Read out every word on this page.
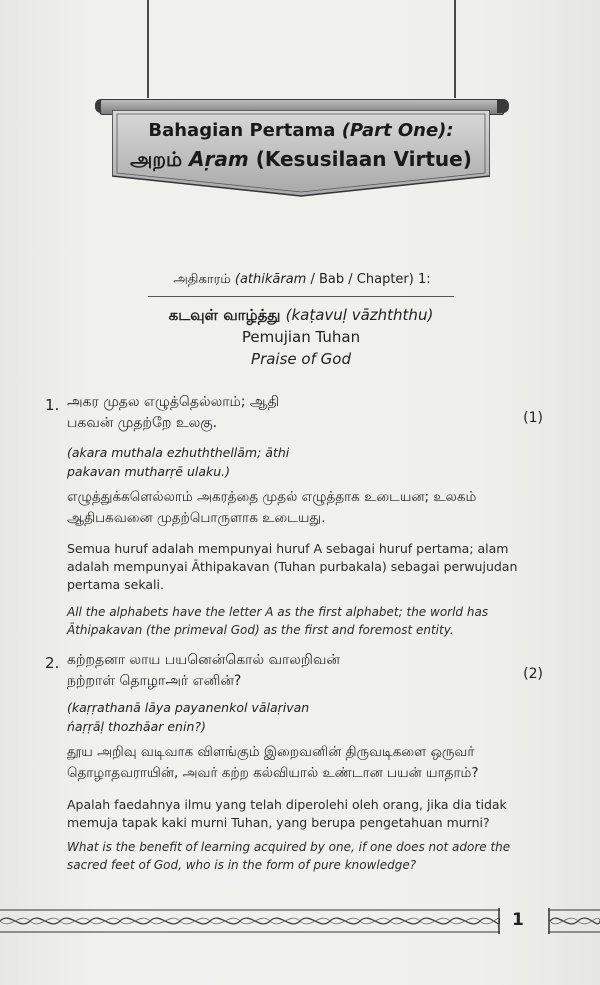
Bahagian Pertama (Part One):
அறம் Aṛam (Kesusilaan Virtue)
அதிகாரம் (athikāram / Bab / Chapter) 1:
கடவுள் வாழ்த்து (kaṭavuḷ vāzhththu)
Pemujian Tuhan
Praise of God
1. அகர முதல எழுத்தெல்லாம்; ஆதி
பகவன் முதற்றே உலகு.	(1)
(akara muthala ezhuththellām; āthi
pakavan mutharṛē ulaku.)
எழுத்துக்களெல்லாம் அகரத்தை முதல் எழுத்தாக உடையன; உலகம் ஆதிபகவனை முதற்பொருளாக உடையது.
Semua huruf adalah mempunyai huruf A sebagai huruf pertama; alam adalah mempunyai Āthipakavan (Tuhan purbakala) sebagai perwujudan pertama sekali.
All the alphabets have the letter A as the first alphabet; the world has Āthipakavan (the primeval God) as the first and foremost entity.
2. கற்றதனா லாய பயனென்கொல் வாலறிவன்
நற்றாள் தொழாஅர் எனின்?	(2)
(kaṛṛathanā lāya payanenkol vālaṛivan
ńaṛṛāḷ thozhāar enin?)
தூய அறிவு வடிவாக விளங்கும் இறைவனின் திருவடிகளை ஒருவர் தொழாதவராயின், அவர் கற்ற கல்வியால் உண்டான பயன் யாதாம்?
Apalah faedahnya ilmu yang telah diperolehi oleh orang, jika dia tidak memuja tapak kaki murni Tuhan, yang berupa pengetahuan murni?
What is the benefit of learning acquired by one, if one does not adore the sacred feet of God, who is in the form of pure knowledge?
1
